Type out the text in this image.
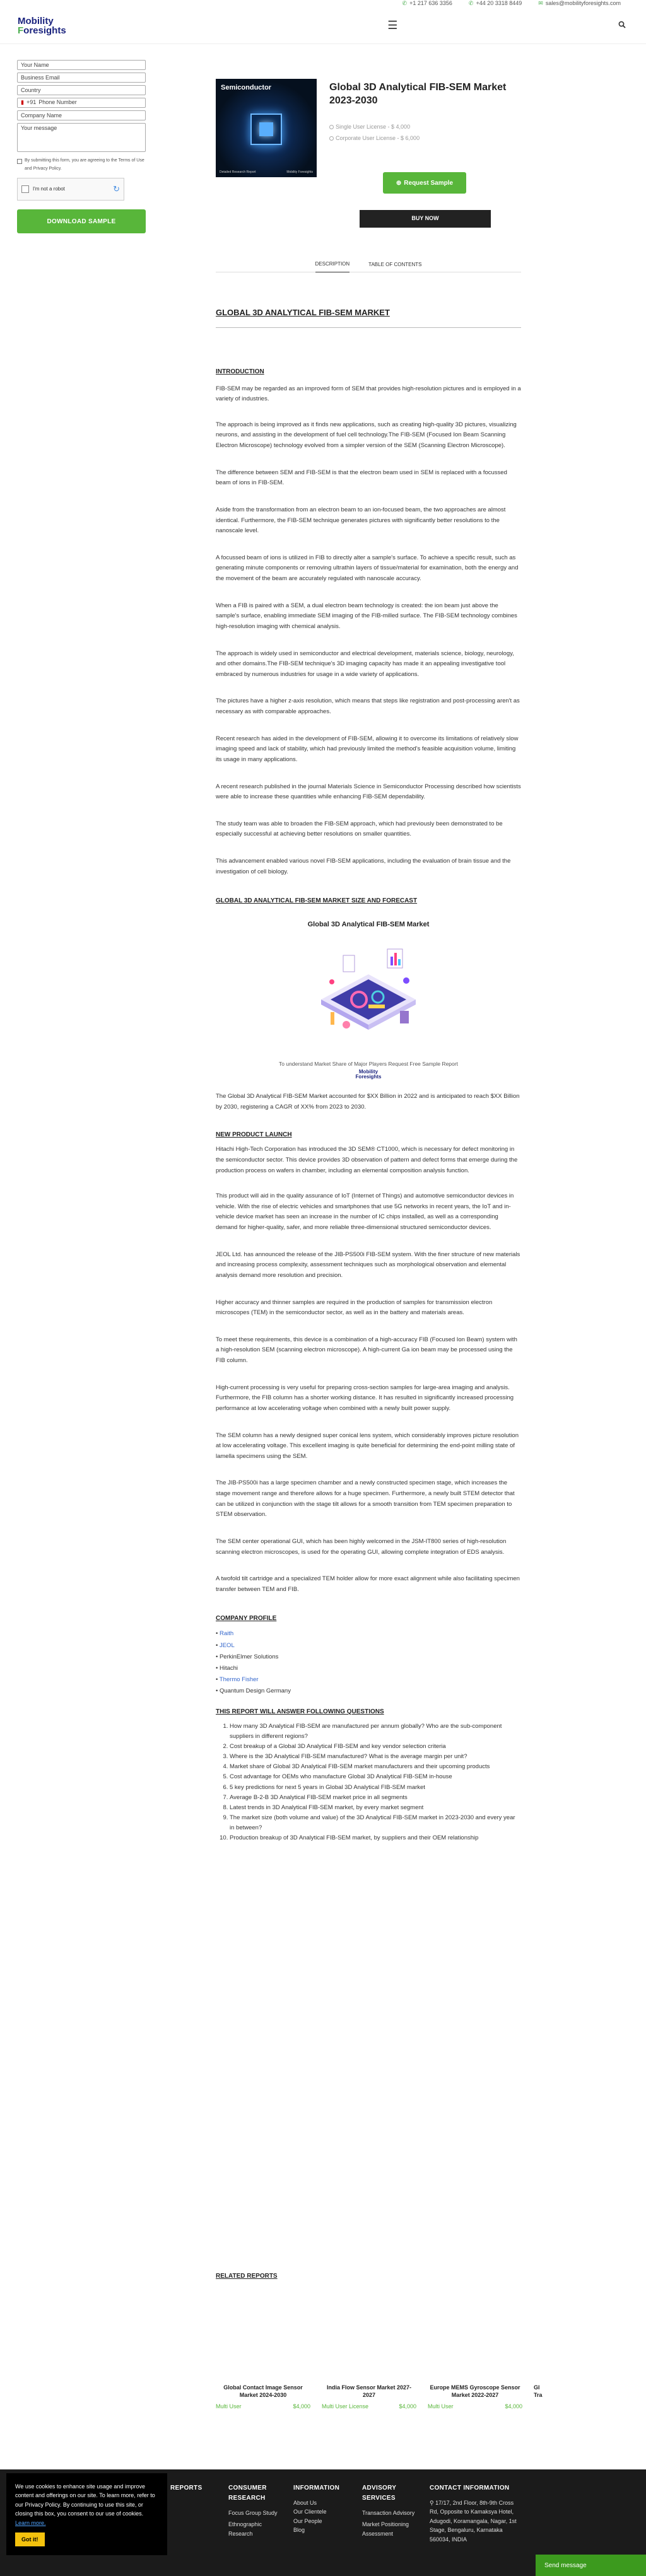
✆ +1 217 636 3356	✆ +44 20 3318 8449	✉ sales@mobilityforesights.com
Mobility
Foresights	☰
Your Name
Business Email
Country
▮ +91 Phone Number
Company Name
Your message
By submitting this form, you are agreeing to the Terms of Use and Privacy Policy.
I'm not a robot	↻
DOWNLOAD SAMPLE
Semiconductor
Detailed Research Report	Mobility Foresights
Global 3D Analytical FIB-SEM Market 2023-2030
Single User License - $ 4,000
Corporate User License - $ 6,000
⊕ Request Sample
BUY NOW
DESCRIPTION	TABLE OF CONTENTS
GLOBAL 3D ANALYTICAL FIB-SEM MARKET
INTRODUCTION
FIB-SEM may be regarded as an improved form of SEM that provides high-resolution pictures and is employed in a variety of industries.
The approach is being improved as it finds new applications, such as creating high-quality 3D pictures, visualizing neurons, and assisting in the development of fuel cell technology.The FIB-SEM (Focused Ion Beam Scanning Electron Microscope) technology evolved from a simpler version of the SEM (Scanning Electron Microscope).
The difference between SEM and FIB-SEM is that the electron beam used in SEM is replaced with a focussed beam of ions in FIB-SEM.
Aside from the transformation from an electron beam to an ion-focused beam, the two approaches are almost identical. Furthermore, the FIB-SEM technique generates pictures with significantly better resolutions to the nanoscale level.
A focussed beam of ions is utilized in FIB to directly alter a sample's surface. To achieve a specific result, such as generating minute components or removing ultrathin layers of tissue/material for examination, both the energy and the movement of the beam are accurately regulated with nanoscale accuracy.
When a FIB is paired with a SEM, a dual electron beam technology is created: the ion beam just above the sample's surface, enabling immediate SEM imaging of the FIB-milled surface. The FIB-SEM technology combines high-resolution imaging with chemical analysis.
The approach is widely used in semiconductor and electrical development, materials science, biology, neurology, and other domains.The FIB-SEM technique's 3D imaging capacity has made it an appealing investigative tool embraced by numerous industries for usage in a wide variety of applications.
The pictures have a higher z-axis resolution, which means that steps like registration and post-processing aren't as necessary as with comparable approaches.
Recent research has aided in the development of FIB-SEM, allowing it to overcome its limitations of relatively slow imaging speed and lack of stability, which had previously limited the method's feasible acquisition volume, limiting its usage in many applications.
A recent research published in the journal Materials Science in Semiconductor Processing described how scientists were able to increase these quantities while enhancing FIB-SEM dependability.
The study team was able to broaden the FIB-SEM approach, which had previously been demonstrated to be especially successful at achieving better resolutions on smaller quantities.
This advancement enabled various novel FIB-SEM applications, including the evaluation of brain tissue and the investigation of cell biology.
GLOBAL 3D ANALYTICAL FIB-SEM MARKET SIZE AND FORECAST
Global 3D Analytical FIB-SEM Market
To understand Market Share of Major Players Request Free Sample Report
Mobility Foresights
The Global 3D Analytical FIB-SEM Market accounted for $XX Billion in 2022 and is anticipated to reach $XX Billion by 2030, registering a CAGR of XX% from 2023 to 2030.
NEW PRODUCT LAUNCH
Hitachi High-Tech Corporation has introduced the 3D SEM® CT1000, which is necessary for defect monitoring in the semiconductor sector. This device provides 3D observation of pattern and defect forms that emerge during the production process on wafers in chamber, including an elemental composition analysis function.
This product will aid in the quality assurance of IoT (Internet of Things) and automotive semiconductor devices in vehicle. With the rise of electric vehicles and smartphones that use 5G networks in recent years, the IoT and in-vehicle device market has seen an increase in the number of IC chips installed, as well as a corresponding demand for higher-quality, safer, and more reliable three-dimensional structured semiconductor devices.
JEOL Ltd. has announced the release of the JIB-PS500i FIB-SEM system. With the finer structure of new materials and increasing process complexity, assessment techniques such as morphological observation and elemental analysis demand more resolution and precision.
Higher accuracy and thinner samples are required in the production of samples for transmission electron microscopes (TEM) in the semiconductor sector, as well as in the battery and materials areas.
To meet these requirements, this device is a combination of a high-accuracy FIB (Focused Ion Beam) system with a high-resolution SEM (scanning electron microscope). A high-current Ga ion beam may be processed using the FIB column.
High-current processing is very useful for preparing cross-section samples for large-area imaging and analysis. Furthermore, the FIB column has a shorter working distance. It has resulted in significantly increased processing performance at low accelerating voltage when combined with a newly built power supply.
The SEM column has a newly designed super conical lens system, which considerably improves picture resolution at low accelerating voltage. This excellent imaging is quite beneficial for determining the end-point milling state of lamella specimens using the SEM.
The JIB-PS500i has a large specimen chamber and a newly constructed specimen stage, which increases the stage movement range and therefore allows for a huge specimen. Furthermore, a newly built STEM detector that can be utilized in conjunction with the stage tilt allows for a smooth transition from TEM specimen preparation to STEM observation.
The SEM center operational GUI, which has been highly welcomed in the JSM-IT800 series of high-resolution scanning electron microscopes, is used for the operating GUI, allowing complete integration of EDS analysis.
A twofold tilt cartridge and a specialized TEM holder allow for more exact alignment while also facilitating specimen transfer between TEM and FIB.
COMPANY PROFILE
• Raith
• JEOL
• PerkinElmer Solutions
• Hitachi
• Thermo Fisher
• Quantum Design Germany
THIS REPORT WILL ANSWER FOLLOWING QUESTIONS
1. How many 3D Analytical FIB-SEM are manufactured per annum globally? Who are the sub-component suppliers in different regions?
2. Cost breakup of a Global 3D Analytical FIB-SEM and key vendor selection criteria
3. Where is the 3D Analytical FIB-SEM manufactured? What is the average margin per unit?
4. Market share of Global 3D Analytical FIB-SEM market manufacturers and their upcoming products
5. Cost advantage for OEMs who manufacture Global 3D Analytical FIB-SEM in-house
6. 5 key predictions for next 5 years in Global 3D Analytical FIB-SEM market
7. Average B-2-B 3D Analytical FIB-SEM market price in all segments
8. Latest trends in 3D Analytical FIB-SEM market, by every market segment
9. The market size (both volume and value) of the 3D Analytical FIB-SEM market in 2023-2030 and every year in between?
10. Production breakup of 3D Analytical FIB-SEM market, by suppliers and their OEM relationship
RELATED REPORTS
Global Contact Image Sensor Market 2024-2030
Multi User	$4,000
India Flow Sensor Market 2027-2027
Multi User License	$4,000
Europe MEMS Gyroscope Sensor Market 2022-2027
Multi User	$4,000
Gl Tra
REPORTS	CONSUMER RESEARCH
Focus Group Study
Ethnographic Research
INFORMATION
About Us
Our Clientele
Our People
Blog
ADVISORY SERVICES
Transaction Advisory
Market Positioning Assessment
CONTACT INFORMATION
⚲ 17/17, 2nd Floor, 8th-9th Cross Rd, Opposite to Kamaksya Hotel, Adugodi, Koramangala, Nagar, 1st Stage, Bengaluru, Karnataka 560034, INDIA
We use cookies to enhance site usage and improve content and offerings on our site. To learn more, refer to our Privacy Policy. By continuing to use this site, or closing this box, you consent to our use of cookies. Learn more.
Got it!
Send message
